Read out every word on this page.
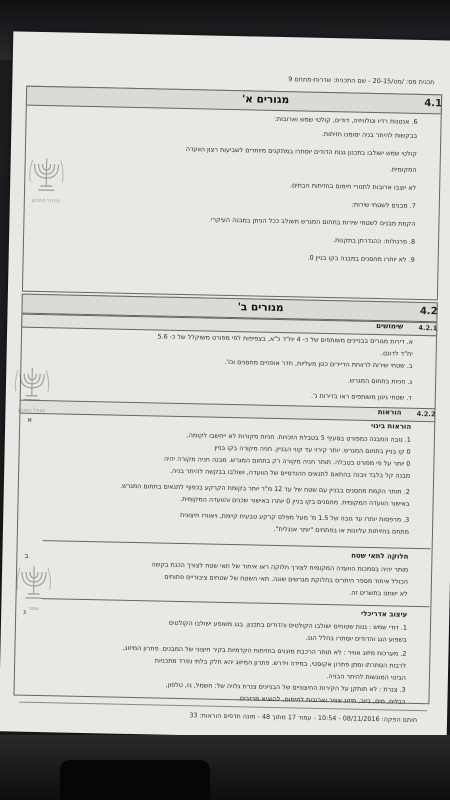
תכנית מס: ‎/מט/20‎-15 - שם התכנית: שדרות-מתחם 9
4.1
מגורים א'
6. אנטנות רדיו וטלוויזיה, דודים, קולטי שמש וארובות:
בבקשות להיתר בניה יסומנו חזיתות.
קולטי שמש ישולבו בתכנון גגות הדודים יוסתרו במתקנים מיוחדים לשביעות רצון הוועדה
המקומית.
לא יוצבו ארובות לתנורי חימום בחזיתות הבתים.
7. מבנים לשטחי שירות:
הקמת מבנים לשטחי שירות בתחום המגרש תשולב ככל הניתן במבנה העיקרי.
8. פרגולות: כהגדרתן בתקנות.
9. לא יותרו מחסנים במבנה בקו בניין 0.
4.2
מגורים ב'
4.2.1
שימושים
א. דירות מגורים בבניינים משותפים של כ- 4 יח"ד כ"א, בצפיפות לפי מפורט משוקלל של כ- 5.6
יח"ד לדונם.
ב. שטחי שירות לרווחת הדיירים כגון מעליות, חדר אופניים מחסנים וכו'.
ג. חניות בתחום המגרש.
ד. שטחי גינון משותפים ראו בדירות ג'.
4.2.2
הוראות
א
הוראות בינוי
1. גובה המבנה כמפורט בסעיף 5 בטבלת הזכויות. חניות מקורות לא ייחשבו לקומה,
0 קו בניין בתחום המגרש. יותר קירוי עד קווי הבניין. חניה מקורה בקו בניין
0 יותר על פי מפורט בטבלה. תותר חניה מקורה רק בתחום המגרש. מבנה חניה מקורה יהיה
מבנה קל בלבד ויבנה בהתאם לתנאים ההנדסיים של הוועדה, ושולבו בבקשה להיתר בניה.
2. תותר הקמת מחסנים בבניין עם שטח של עד 12 מ"ר יותר בקומת הקרקע בכפוף לתנאים בתחום המגרש.
באישור הוועדה המקומית. מחסנים בקו בניין 0 יותרו באישור שכנים והוועדה המקומית.
3. מרפסות יותרו עד גובה של 1.5 מ' מעל מפלס קרקע טבעית קיימת, ויאוורו חיצונית
מתחם בחזיתות עליונות או בפתחים "יותר אנגלית".
ב	חלוקה לתאי שטח
מותר יהיה בסמכות הוועדה המקומית לצורך חלוקה ראו איחוד של תאי שטח לצורך הכנת בקשה
הכולל איחוד מספר היתרים בחלוקת מגרשים שונה. תאי השטח של שטחים ציבוריים פתוחים
לא ישתנו בתשריט זה.
ג	עיצוב אדריכלי
1. דודי שמש : גגות שטוחים ישולבו הקולטים והדודים בתכנון. בגג משופע ישולבו הקולטים
בשפוע הגג והדודים יוסתרו בחלל הגג.
2. מערכות מיזוג אוויר : לא תותר הרכבת מזגנים בחזיתות הקדמיות בקיר חיצוני של המבנים. פתרון המיזוג,
לרבות הסתרתו ומתן פתרון אקוסטי, במידה וידרש. פתרון המיזוג יהא חלק בלתי נפרד מתכניות
הבינוי המוגשות להיתר הבניה.
3. צנרת : לא תותקן על הקירות החיצוניים של הבניינים צנרת גלויה של: חשמל, גז, טלפון,
כבלים, מים, ביוב, מיזוג אוויר וארובות לחימום, להוציא מרזבים.
מינהל התכנון
מנהל התכנון
שמור
חותם הפקה: 08/11/2016 - 10:54 - עמוד 17 מתוך 48 - מונה תדפיס הוראות: 33
